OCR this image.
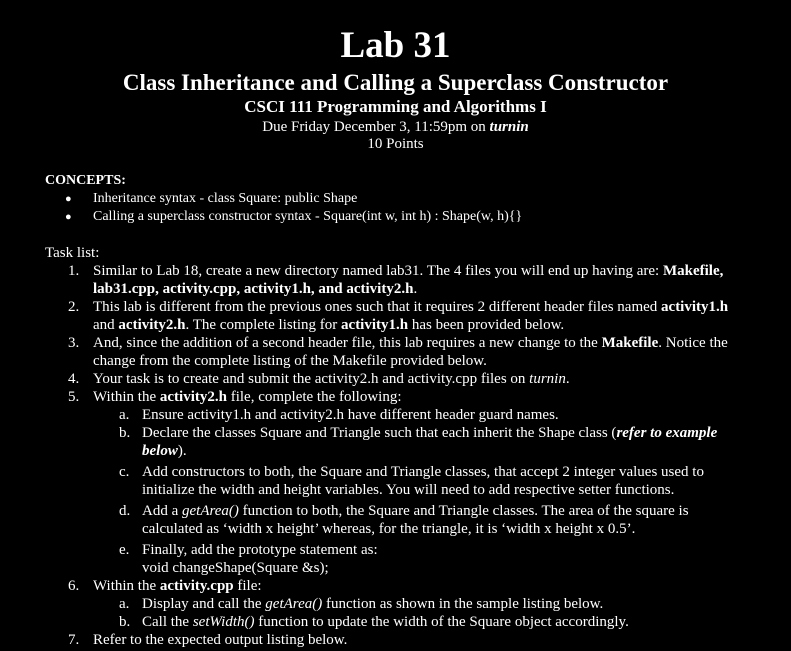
Lab 31
Class Inheritance and Calling a Superclass Constructor
CSCI 111 Programming and Algorithms I
Due Friday December 3, 11:59pm on turnin
10 Points
CONCEPTS:
● Inheritance syntax - class Square: public Shape
● Calling a superclass constructor syntax - Square(int w, int h) : Shape(w, h){}
Task list:
1. Similar to Lab 18, create a new directory named lab31. The 4 files you will end up having are: Makefile,
lab31.cpp, activity.cpp, activity1.h, and activity2.h.
2. This lab is different from the previous ones such that it requires 2 different header files named activity1.h
and activity2.h. The complete listing for activity1.h has been provided below.
3. And, since the addition of a second header file, this lab requires a new change to the Makefile. Notice the
change from the complete listing of the Makefile provided below.
4. Your task is to create and submit the activity2.h and activity.cpp files on turnin.
5. Within the activity2.h file, complete the following:
a. Ensure activity1.h and activity2.h have different header guard names.
b. Declare the classes Square and Triangle such that each inherit the Shape class (refer to example
below).
c. Add constructors to both, the Square and Triangle classes, that accept 2 integer values used to
initialize the width and height variables. You will need to add respective setter functions.
d. Add a getArea() function to both, the Square and Triangle classes. The area of the square is
calculated as ‘width x height’ whereas, for the triangle, it is ‘width x height x 0.5’.
e. Finally, add the prototype statement as:
void changeShape(Square &s);
6. Within the activity.cpp file:
a. Display and call the getArea() function as shown in the sample listing below.
b. Call the setWidth() function to update the width of the Square object accordingly.
7. Refer to the expected output listing below.
